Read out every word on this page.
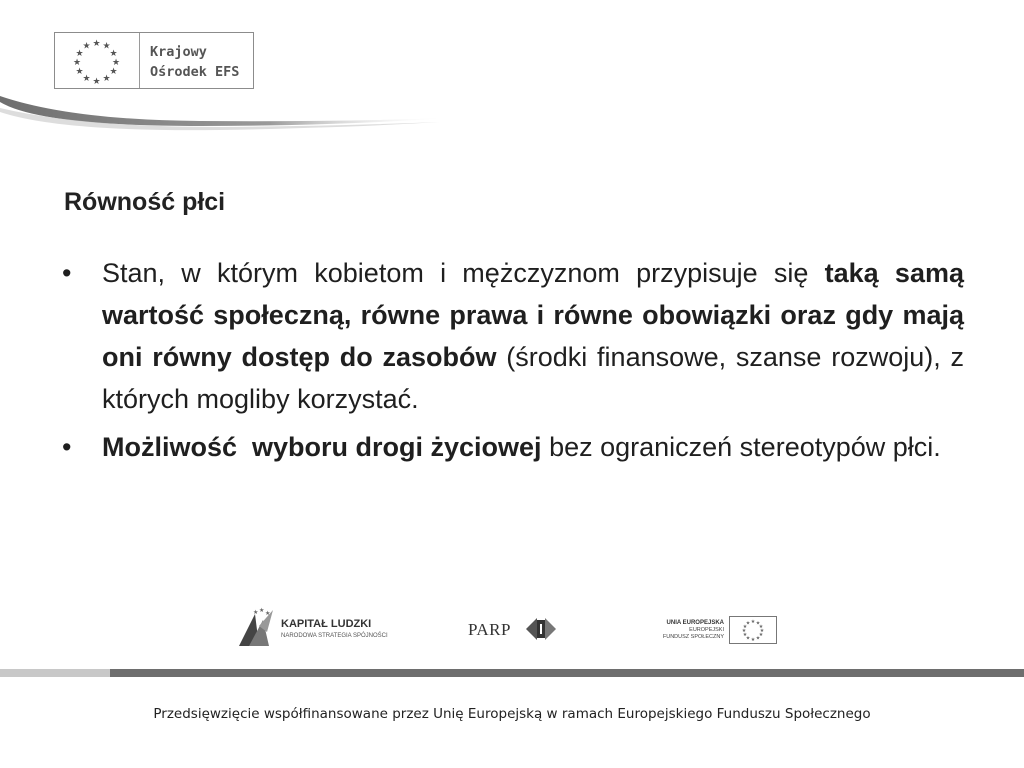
★ ★
★
★
★
★
★
★
★
★
★
★	Krajowy
Ośrodek EFS
Równość płci
•	Stan, w którym kobietom i mężczyznom przypisuje się taką samą wartość społeczną, równe prawa i równe obowiązki oraz gdy mają oni równy dostęp do zasobów (środki finansowe, szanse rozwoju), z których mogliby korzystać.
•	Możliwość  wyboru drogi życiowej bez ograniczeń stereotypów płci.
★ ★ ★
KAPITAŁ LUDZKI
NARODOWA STRATEGIA SPÓJNOŚCI	PARP	UNIA EUROPEJSKA
EUROPEJSKI
FUNDUSZ SPOŁECZNY
★ ★
★
★
★
★
★
★
★
★
★
★
Przedsięwzięcie współfinansowane przez Unię Europejską w ramach Europejskiego Funduszu Społecznego
